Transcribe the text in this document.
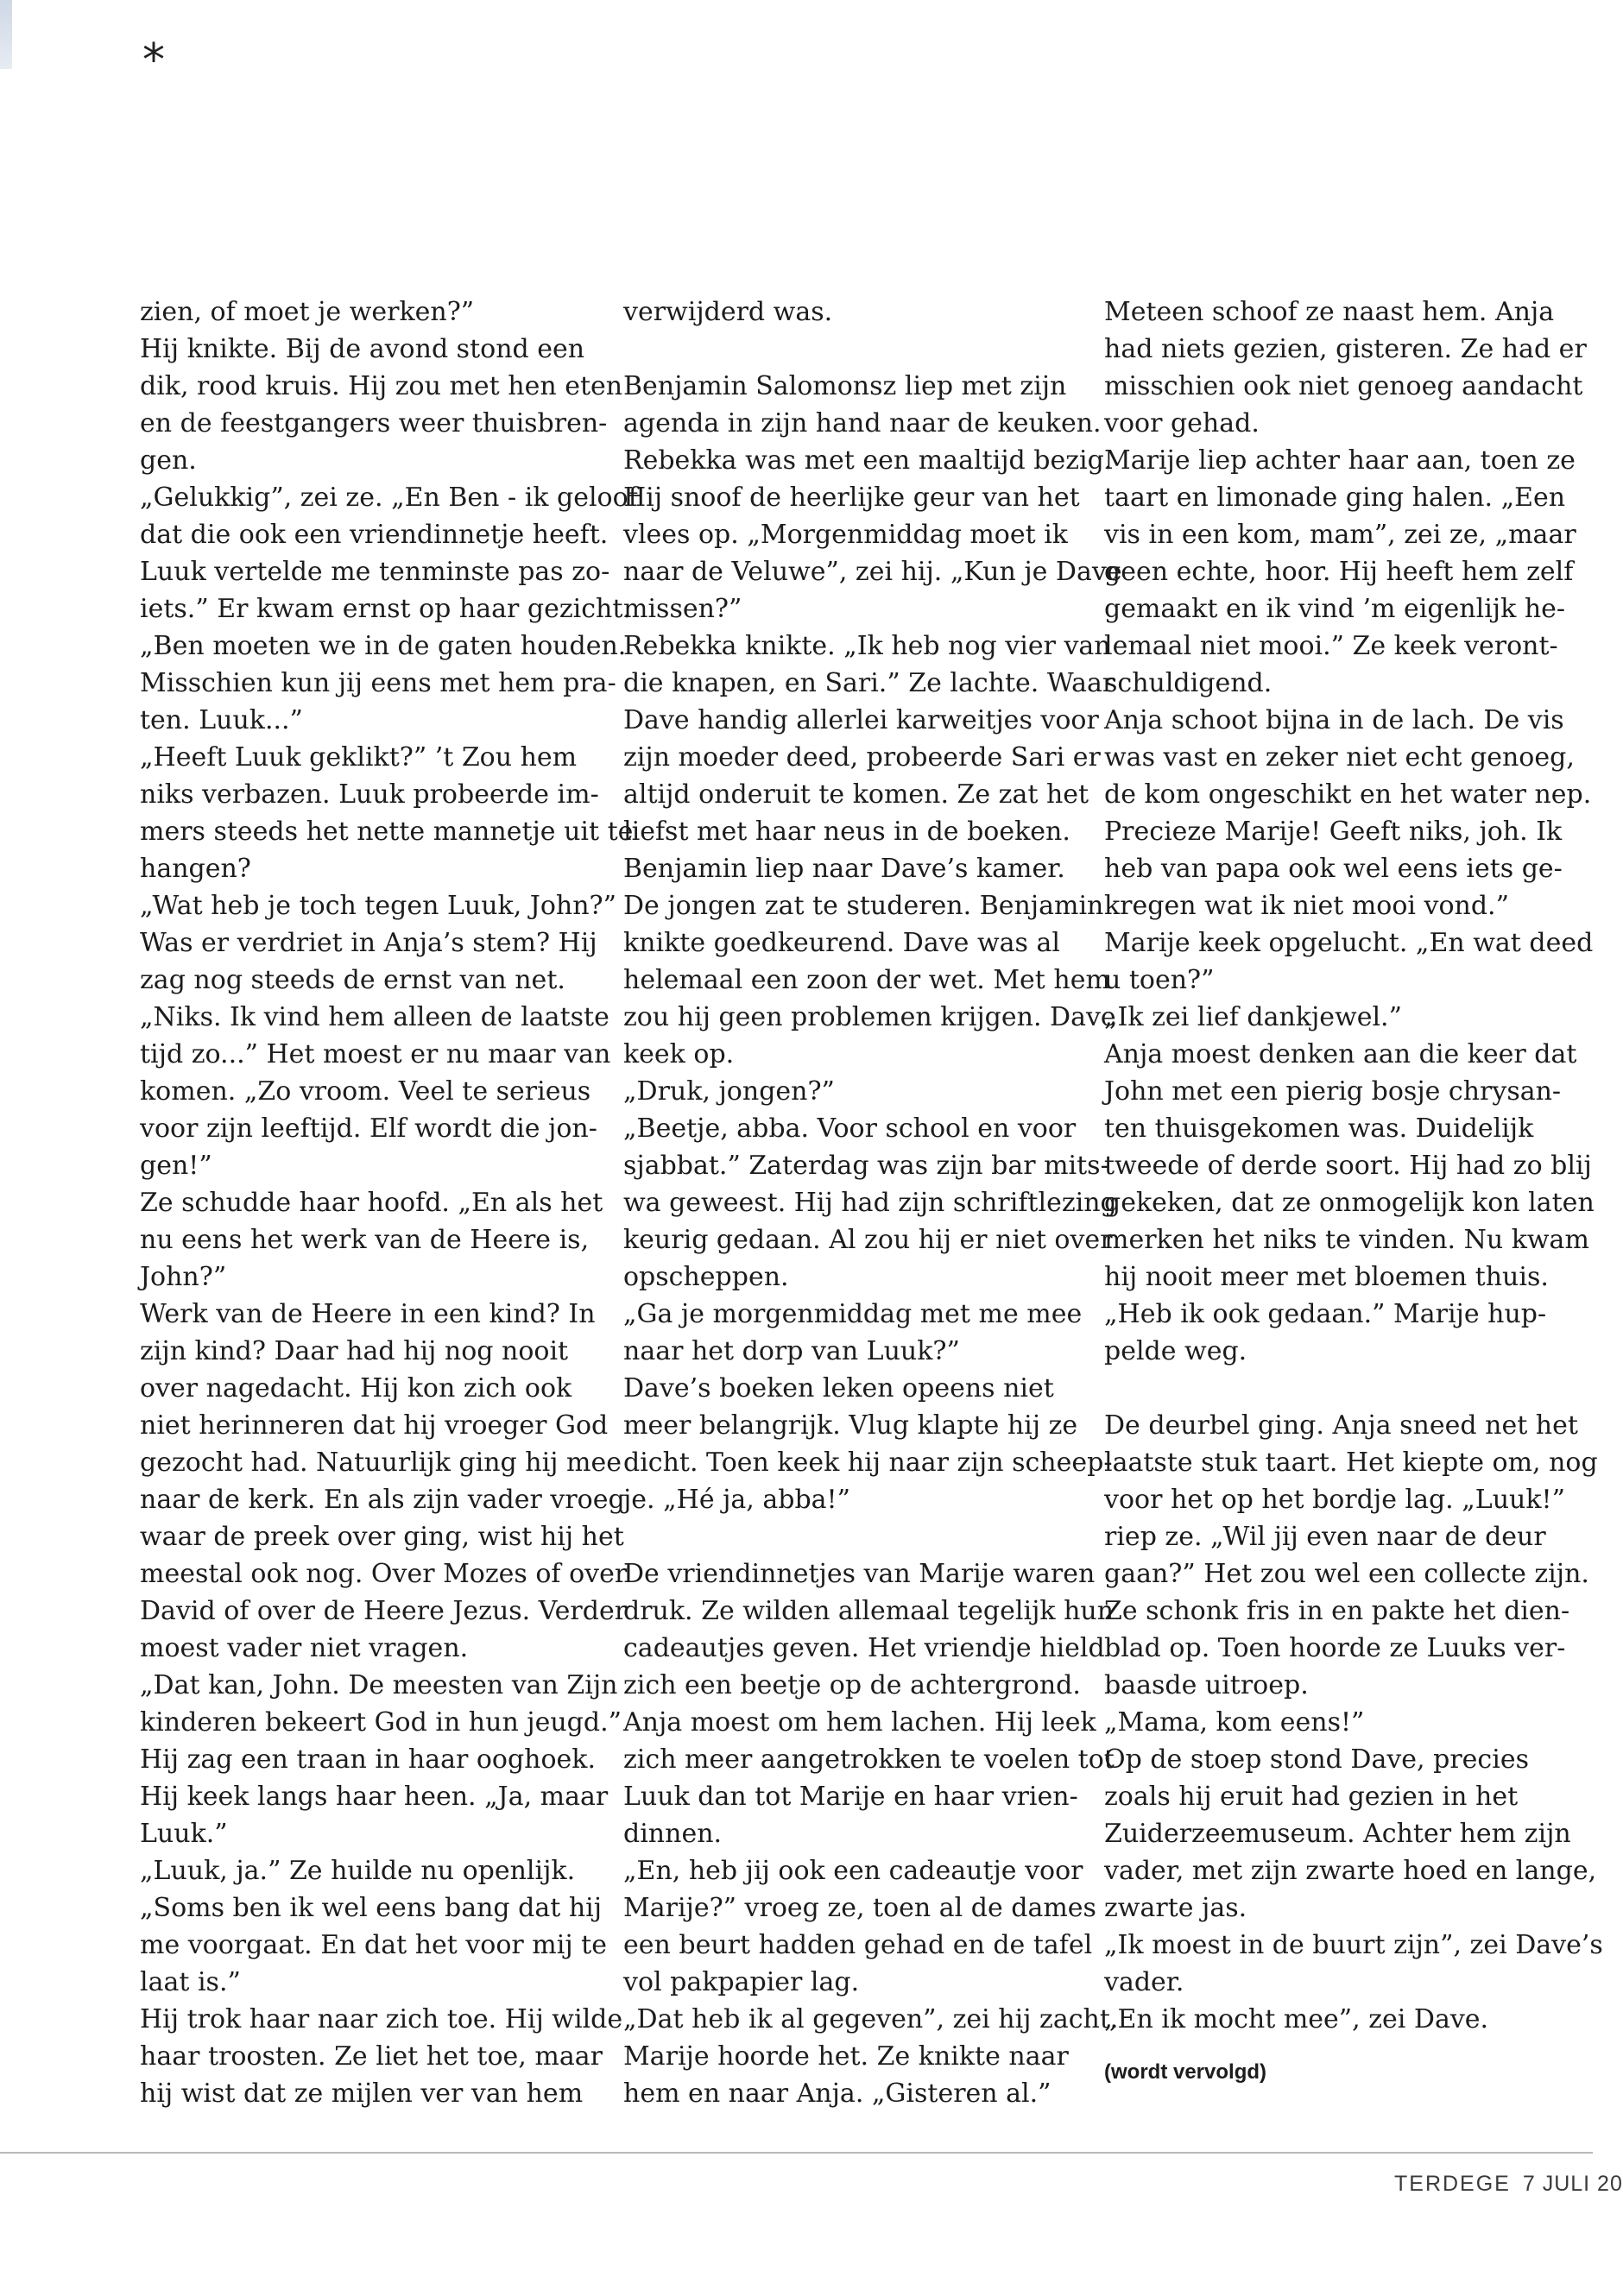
*
zien, of moet je werken?”
Hij knikte. Bij de avond stond een
dik, rood kruis. Hij zou met hen eten
en de feestgangers weer thuisbren-
gen.
„Gelukkig”, zei ze. „En Ben - ik geloof
dat die ook een vriendinnetje heeft.
Luuk vertelde me tenminste pas zo-
iets.” Er kwam ernst op haar gezicht.
„Ben moeten we in de gaten houden.
Misschien kun jij eens met hem pra-
ten. Luuk...”
„Heeft Luuk geklikt?” ’t Zou hem
niks verbazen. Luuk probeerde im-
mers steeds het nette mannetje uit te
hangen?
„Wat heb je toch tegen Luuk, John?”
Was er verdriet in Anja’s stem? Hij
zag nog steeds de ernst van net.
„Niks. Ik vind hem alleen de laatste
tijd zo...” Het moest er nu maar van
komen. „Zo vroom. Veel te serieus
voor zijn leeftijd. Elf wordt die jon-
gen!”
Ze schudde haar hoofd. „En als het
nu eens het werk van de Heere is,
John?”
Werk van de Heere in een kind? In
zijn kind? Daar had hij nog nooit
over nagedacht. Hij kon zich ook
niet herinneren dat hij vroeger God
gezocht had. Natuurlijk ging hij mee
naar de kerk. En als zijn vader vroeg
waar de preek over ging, wist hij het
meestal ook nog. Over Mozes of over
David of over de Heere Jezus. Verder
moest vader niet vragen.
„Dat kan, John. De meesten van Zijn
kinderen bekeert God in hun jeugd.”
Hij zag een traan in haar ooghoek.
Hij keek langs haar heen. „Ja, maar
Luuk.”
„Luuk, ja.” Ze huilde nu openlijk.
„Soms ben ik wel eens bang dat hij
me voorgaat. En dat het voor mij te
laat is.”
Hij trok haar naar zich toe. Hij wilde
haar troosten. Ze liet het toe, maar
hij wist dat ze mijlen ver van hem
verwijderd was.
Benjamin Salomonsz liep met zijn
agenda in zijn hand naar de keuken.
Rebekka was met een maaltijd bezig.
Hij snoof de heerlijke geur van het
vlees op. „Morgenmiddag moet ik
naar de Veluwe”, zei hij. „Kun je Dave
missen?”
Rebekka knikte. „Ik heb nog vier van
die knapen, en Sari.” Ze lachte. Waar
Dave handig allerlei karweitjes voor
zijn moeder deed, probeerde Sari er
altijd onderuit te komen. Ze zat het
liefst met haar neus in de boeken.
Benjamin liep naar Dave’s kamer.
De jongen zat te studeren. Benjamin
knikte goedkeurend. Dave was al
helemaal een zoon der wet. Met hem
zou hij geen problemen krijgen. Dave
keek op.
„Druk, jongen?”
„Beetje, abba. Voor school en voor
sjabbat.” Zaterdag was zijn bar mits-
wa geweest. Hij had zijn schriftlezing
keurig gedaan. Al zou hij er niet over
opscheppen.
„Ga je morgenmiddag met me mee
naar het dorp van Luuk?”
Dave’s boeken leken opeens niet
meer belangrijk. Vlug klapte hij ze
dicht. Toen keek hij naar zijn scheep-
je. „Hé ja, abba!”
De vriendinnetjes van Marije waren
druk. Ze wilden allemaal tegelijk hun
cadeautjes geven. Het vriendje hield
zich een beetje op de achtergrond.
Anja moest om hem lachen. Hij leek
zich meer aangetrokken te voelen tot
Luuk dan tot Marije en haar vrien-
dinnen.
„En, heb jij ook een cadeautje voor
Marije?” vroeg ze, toen al de dames
een beurt hadden gehad en de tafel
vol pakpapier lag.
„Dat heb ik al gegeven”, zei hij zacht.
Marije hoorde het. Ze knikte naar
hem en naar Anja. „Gisteren al.”
Meteen schoof ze naast hem. Anja
had niets gezien, gisteren. Ze had er
misschien ook niet genoeg aandacht
voor gehad.
Marije liep achter haar aan, toen ze
taart en limonade ging halen. „Een
vis in een kom, mam”, zei ze, „maar
geen echte, hoor. Hij heeft hem zelf
gemaakt en ik vind ’m eigenlijk he-
lemaal niet mooi.” Ze keek veront-
schuldigend.
Anja schoot bijna in de lach. De vis
was vast en zeker niet echt genoeg,
de kom ongeschikt en het water nep.
Precieze Marije! Geeft niks, joh. Ik
heb van papa ook wel eens iets ge-
kregen wat ik niet mooi vond.”
Marije keek opgelucht. „En wat deed
u toen?”
„Ik zei lief dankjewel.”
Anja moest denken aan die keer dat
John met een pierig bosje chrysan-
ten thuisgekomen was. Duidelijk
tweede of derde soort. Hij had zo blij
gekeken, dat ze onmogelijk kon laten
merken het niks te vinden. Nu kwam
hij nooit meer met bloemen thuis.
„Heb ik ook gedaan.” Marije hup-
pelde weg.
De deurbel ging. Anja sneed net het
laatste stuk taart. Het kiepte om, nog
voor het op het bordje lag. „Luuk!”
riep ze. „Wil jij even naar de deur
gaan?” Het zou wel een collecte zijn.
Ze schonk fris in en pakte het dien-
blad op. Toen hoorde ze Luuks ver-
baasde uitroep.
„Mama, kom eens!”
Op de stoep stond Dave, precies
zoals hij eruit had gezien in het
Zuiderzeemuseum. Achter hem zijn
vader, met zijn zwarte hoed en lange,
zwarte jas.
„Ik moest in de buurt zijn”, zei Dave’s
vader.
„En ik mocht mee”, zei Dave.
(wordt vervolgd)
TERDEGE 7 JULI 20
